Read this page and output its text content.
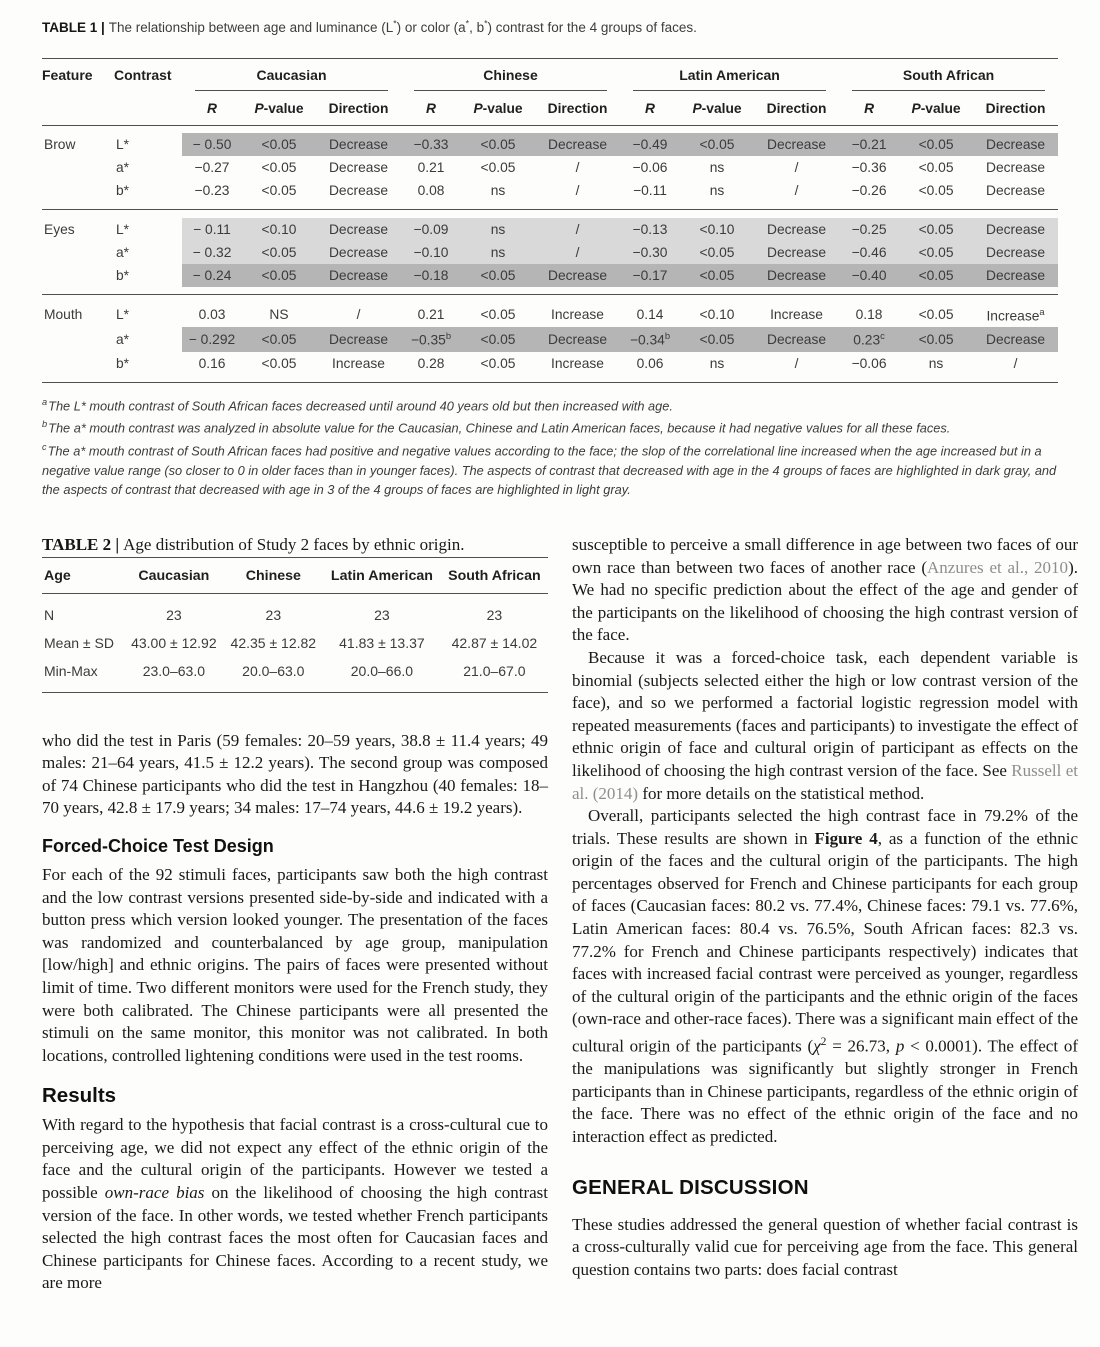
TABLE 1 | The relationship between age and luminance (L*) or color (a*, b*) contrast for the 4 groups of faces.

Feature	Contrast	Caucasian			Chinese			Latin American			South African		

		R	P-value	Direction	R	P-value	Direction	R	P-value	Direction	R	P-value	Direction

Brow	L*	− 0.50	<0.05	Decrease	−0.33	<0.05	Decrease	−0.49	<0.05	Decrease	−0.21	<0.05	Decrease
	a*	−0.27	<0.05	Decrease	0.21	<0.05	/	−0.06	ns	/	−0.36	<0.05	Decrease
	b*	−0.23	<0.05	Decrease	0.08	ns	/	−0.11	ns	/	−0.26	<0.05	Decrease

Eyes	L*	− 0.11	<0.10	Decrease	−0.09	ns	/	−0.13	<0.10	Decrease	−0.25	<0.05	Decrease
	a*	− 0.32	<0.05	Decrease	−0.10	ns	/	−0.30	<0.05	Decrease	−0.46	<0.05	Decrease
	b*	− 0.24	<0.05	Decrease	−0.18	<0.05	Decrease	−0.17	<0.05	Decrease	−0.40	<0.05	Decrease

Mouth	L*	0.03	NS	/	0.21	<0.05	Increase	0.14	<0.10	Increase	0.18	<0.05	Increase$^a$
	a*	− 0.292	<0.05	Decrease	−0.35$^b$	<0.05	Decrease	−0.34$^b$	<0.05	Decrease	0.23$^c$	<0.05	Decrease
	b*	0.16	<0.05	Increase	0.28	<0.05	Increase	0.06	ns	/	−0.06	ns	/

$^a$The L* mouth contrast of South African faces decreased until around 40 years old but then increased with age.
$^b$The a* mouth contrast was analyzed in absolute value for the Caucasian, Chinese and Latin American faces, because it had negative values for all these faces.
$^c$The a* mouth contrast of South African faces had positive and negative values according to the face; the slop of the correlational line increased when the age increased but in a negative value range (so closer to 0 in older faces than in younger faces). The aspects of contrast that decreased with age in the 4 groups of faces are highlighted in dark gray, and the aspects of contrast that decreased with age in 3 of the 4 groups of faces are highlighted in light gray.

TABLE 2 | Age distribution of Study 2 faces by ethnic origin.

Age	Caucasian	Chinese	Latin American	South African
N	23	23	23	23
Mean ± SD	43.00 ± 12.92	42.35 ± 12.82	41.83 ± 13.37	42.87 ± 14.02
Min-Max	23.0–63.0	20.0–63.0	20.0–66.0	21.0–67.0

who did the test in Paris (59 females: 20–59 years, 38.8 ± 11.4 years; 49 males: 21–64 years, 41.5 ± 12.2 years). The second group was composed of 74 Chinese participants who did the test in Hangzhou (40 females: 18–70 years, 42.8 ± 17.9 years; 34 males: 17–74 years, 44.6 ± 19.2 years).

Forced-Choice Test Design

For each of the 92 stimuli faces, participants saw both the high contrast and the low contrast versions presented side-by-side and indicated with a button press which version looked younger. The presentation of the faces was randomized and counterbalanced by age group, manipulation [low/high] and ethnic origins. The pairs of faces were presented without limit of time. Two different monitors were used for the French study, they were both calibrated. The Chinese participants were all presented the stimuli on the same monitor, this monitor was not calibrated. In both locations, controlled lightening conditions were used in the test rooms.

Results

With regard to the hypothesis that facial contrast is a cross-cultural cue to perceiving age, we did not expect any effect of the ethnic origin of the face and the cultural origin of the participants. However we tested a possible own-race bias on the likelihood of choosing the high contrast version of the face. In other words, we tested whether French participants selected the high contrast faces the most often for Caucasian faces and Chinese participants for Chinese faces. According to a recent study, we are more

susceptible to perceive a small difference in age between two faces of our own race than between two faces of another race (Anzures et al., 2010). We had no specific prediction about the effect of the age and gender of the participants on the likelihood of choosing the high contrast version of the face.

Because it was a forced-choice task, each dependent variable is binomial (subjects selected either the high or low contrast version of the face), and so we performed a factorial logistic regression model with repeated measurements (faces and participants) to investigate the effect of ethnic origin of face and cultural origin of participant as effects on the likelihood of choosing the high contrast version of the face. See Russell et al. (2014) for more details on the statistical method.

Overall, participants selected the high contrast face in 79.2% of the trials. These results are shown in Figure 4, as a function of the ethnic origin of the faces and the cultural origin of the participants. The high percentages observed for French and Chinese participants for each group of faces (Caucasian faces: 80.2 vs. 77.4%, Chinese faces: 79.1 vs. 77.6%, Latin American faces: 80.4 vs. 76.5%, South African faces: 82.3 vs. 77.2% for French and Chinese participants respectively) indicates that faces with increased facial contrast were perceived as younger, regardless of the cultural origin of the participants and the ethnic origin of the faces (own-race and other-race faces). There was a significant main effect of the cultural origin of the participants ($\chi^2 = 26.73$, p < 0.0001). The effect of the manipulations was significantly but slightly stronger in French participants than in Chinese participants, regardless of the ethnic origin of the face. There was no effect of the ethnic origin of the face and no interaction effect as predicted.

GENERAL DISCUSSION

These studies addressed the general question of whether facial contrast is a cross-culturally valid cue for perceiving age from the face. This general question contains two parts: does facial contrast
